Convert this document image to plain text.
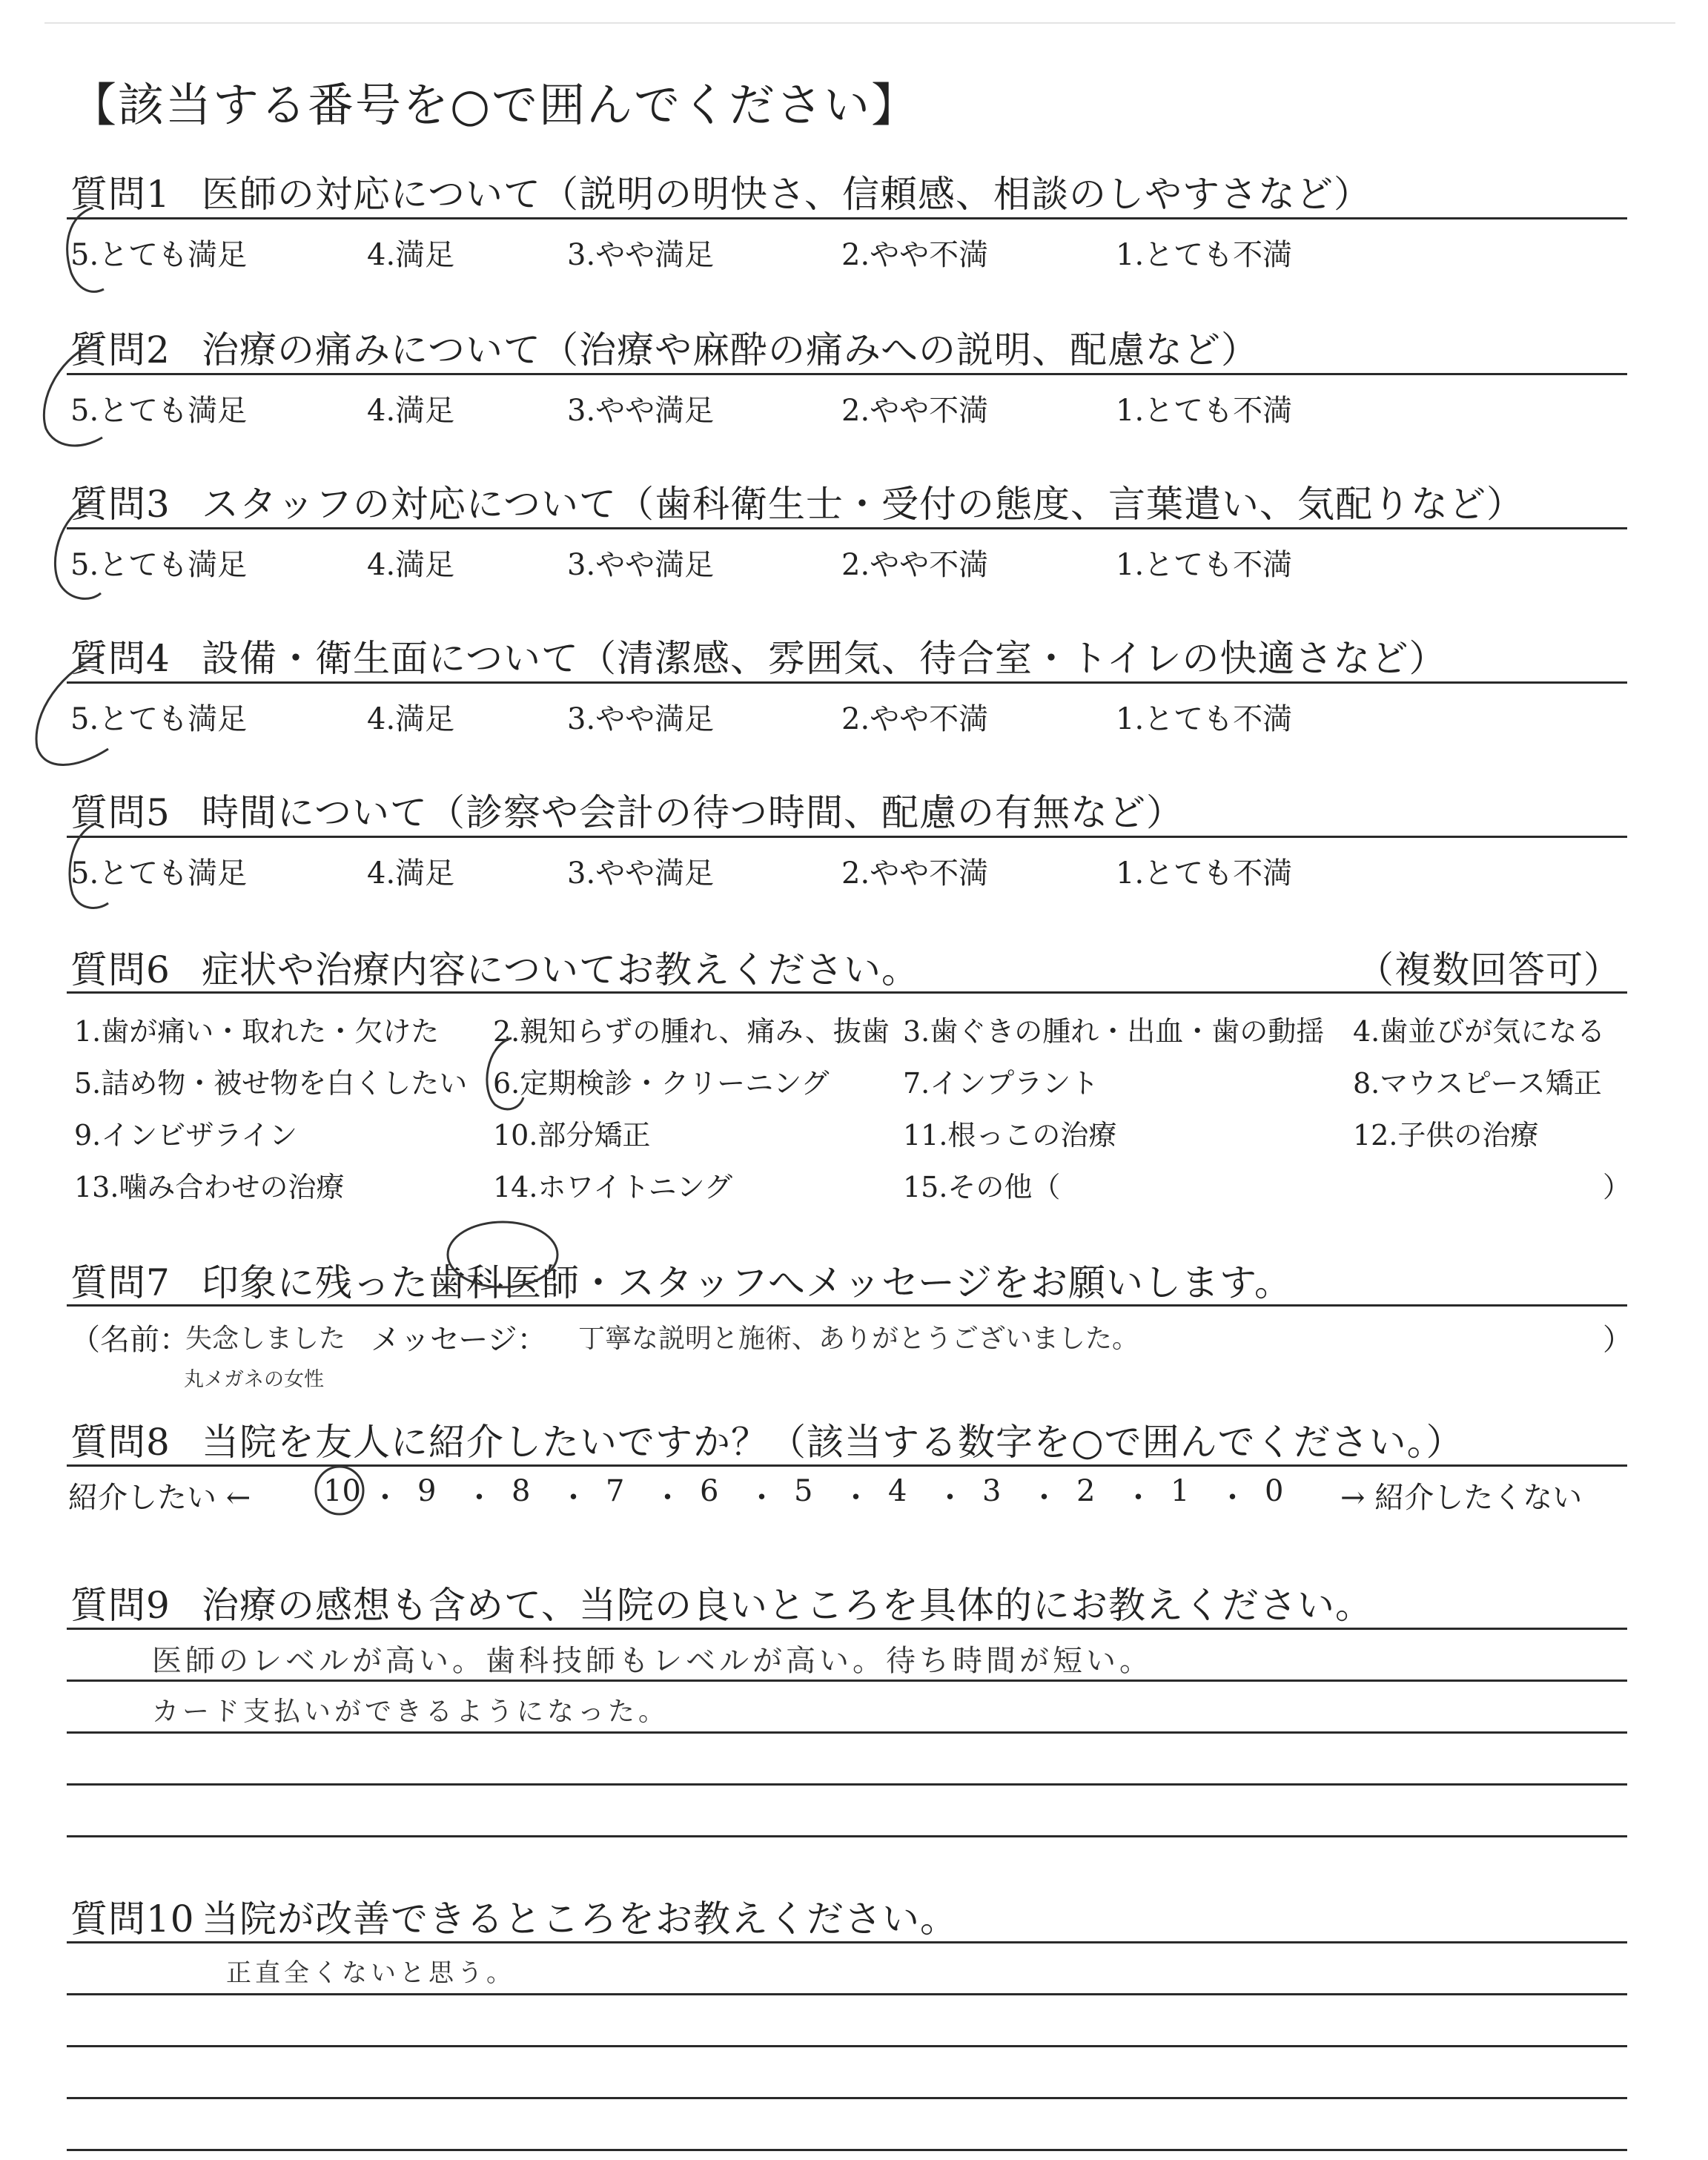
【該当する番号を○で囲んでください】
質問1 医師の対応について（説明の明快さ、信頼感、相談のしやすさなど）
5.とても満足	4.満足	3.やや満足	2.やや不満	1.とても不満
質問2 治療の痛みについて（治療や麻酔の痛みへの説明、配慮など）
5.とても満足	4.満足	3.やや満足	2.やや不満	1.とても不満
質問3 スタッフの対応について（歯科衛生士・受付の態度、言葉遣い、気配りなど）
5.とても満足	4.満足	3.やや満足	2.やや不満	1.とても不満
質問4 設備・衛生面について（清潔感、雰囲気、待合室・トイレの快適さなど）
5.とても満足	4.満足	3.やや満足	2.やや不満	1.とても不満
質問5 時間について（診察や会計の待つ時間、配慮の有無など）
5.とても満足	4.満足	3.やや満足	2.やや不満	1.とても不満
質問6 症状や治療内容についてお教えください。	（複数回答可）
1.歯が痛い・取れた・欠けた 2.親知らずの腫れ、痛み、抜歯 3.歯ぐきの腫れ・出血・歯の動揺 4.歯並びが気になる
5.詰め物・被せ物を白くしたい 6.定期検診・クリーニング	7.インプラント	8.マウスピース矯正
9.インビザライン	10.部分矯正	11.根っこの治療	12.子供の治療
13.噛み合わせの治療	14.ホワイトニング	15.その他（	）
質問7 印象に残った歯科医師・スタッフへメッセージをお願いします。
（名前：
失念しました
丸メガネの女性
メッセージ： 丁寧な説明と施術、ありがとうございました。	）
質問8 当院を友人に紹介したいですか？（該当する数字を○で囲んでください。）
紹介したい ←	→ 紹介したくない
10 ・ 9 ・ 8 ・ 7 ・ 6 ・ 5 ・ 4 ・ 3 ・ 2 ・ 1 ・ 0
質問9 治療の感想も含めて、当院の良いところを具体的にお教えください。
医師のレベルが高い。歯科技師もレベルが高い。待ち時間が短い。
カード支払いができるようになった。
質問10 当院が改善できるところをお教えください。
正直全くないと思う。
